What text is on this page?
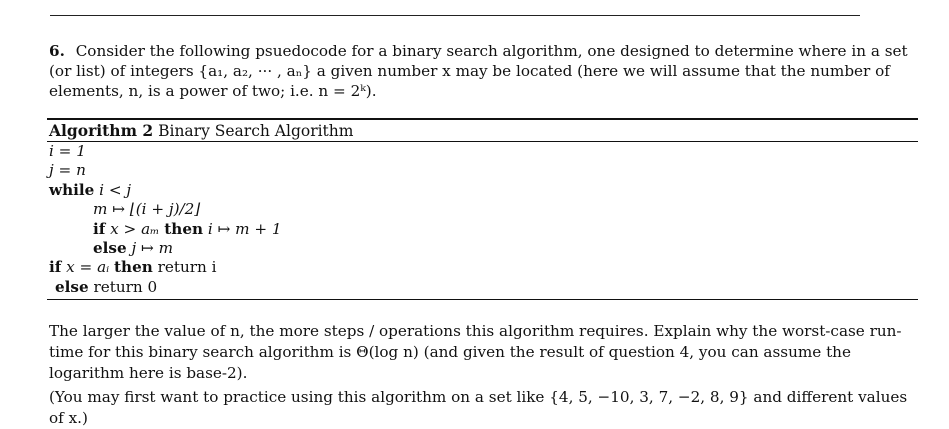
6. Consider the following psuedocode for a binary search algorithm, one designed to determine where in a set (or list) of integers {a₁, a₂, ··· , aₙ} a given number x may be located (here we will assume that the number of elements, n, is a power of two; i.e. n = 2ᵏ).
Algorithm 2 Binary Search Algorithm
i = 1
j = n
while i < j
m ↦ ⌊(i + j)/2⌋
if x > aₘ then i ↦ m + 1
else j ↦ m
if x = aᵢ then return i
else return 0
The larger the value of n, the more steps / operations this algorithm requires. Explain why the worst-case run-time for this binary search algorithm is Θ(log n) (and given the result of question 4, you can assume the logarithm here is base-2).
(You may first want to practice using this algorithm on a set like {4, 5, −10, 3, 7, −2, 8, 9} and different values of x.)
